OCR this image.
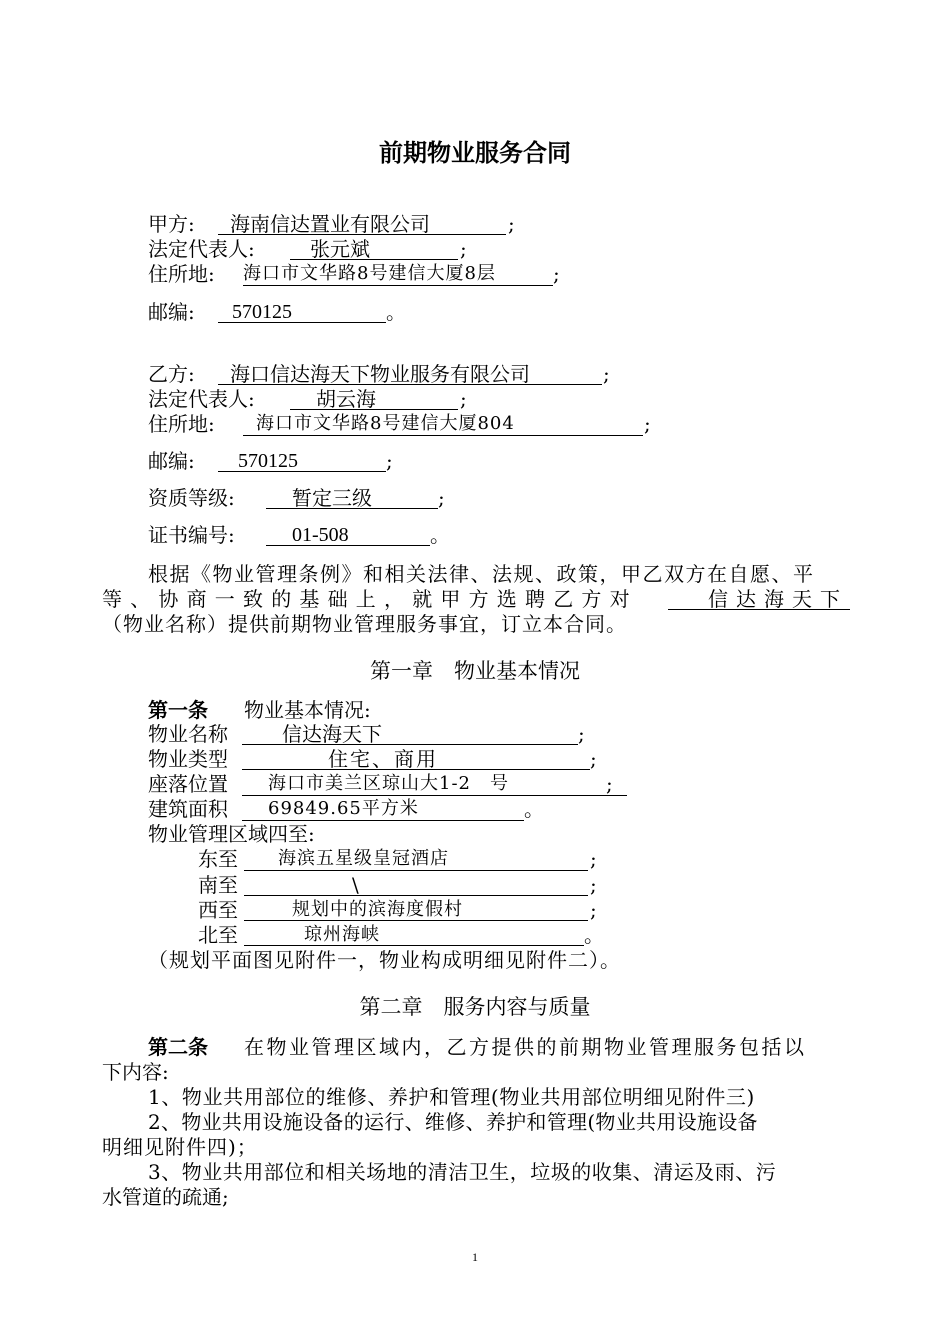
前期物业服务合同
甲方: 海南信达置业有限公司	;
法定代表人:	张元斌	;
住所地: 海口市文华路8号建信大厦8层	;
邮编: 570125	。
乙方: 海口信达海天下物业服务有限公司	;
法定代表人:	胡云海	;
住所地: 海口市文华路8号建信大厦804	;
邮编: 570125	;
资质等级:	暂定三级	;
证书编号:	01-508	。
根据《物业管理条例》和相关法律、法规、政策，甲乙双方在自愿、平
等、协商一致的基础上，就甲方选聘乙方对	信达海天下
（物业名称）提供前期物业管理服务事宜，订立本合同。
第一章　物业基本情况
第一条 物业基本情况:
物业名称	信达海天下	;
物业类型	住宅、商用	;
座落位置 海口市美兰区琼山大1-2　号	;
建筑面积 69849.65平方米	。
物业管理区域四至:
东至 海滨五星级皇冠酒店	;
南至	\	;
西至	规划中的滨海度假村	;
北至	琼州海峡	。
（规划平面图见附件一，物业构成明细见附件二）。
第二章　服务内容与质量
第二条 在物业管理区域内，乙方提供的前期物业管理服务包括以
下内容:
1、物业共用部位的维修、养护和管理(物业共用部位明细见附件三)
2、物业共用设施设备的运行、维修、养护和管理(物业共用设施设备
明细见附件四)；
3、物业共用部位和相关场地的清洁卫生，垃圾的收集、清运及雨、污
水管道的疏通;
1
